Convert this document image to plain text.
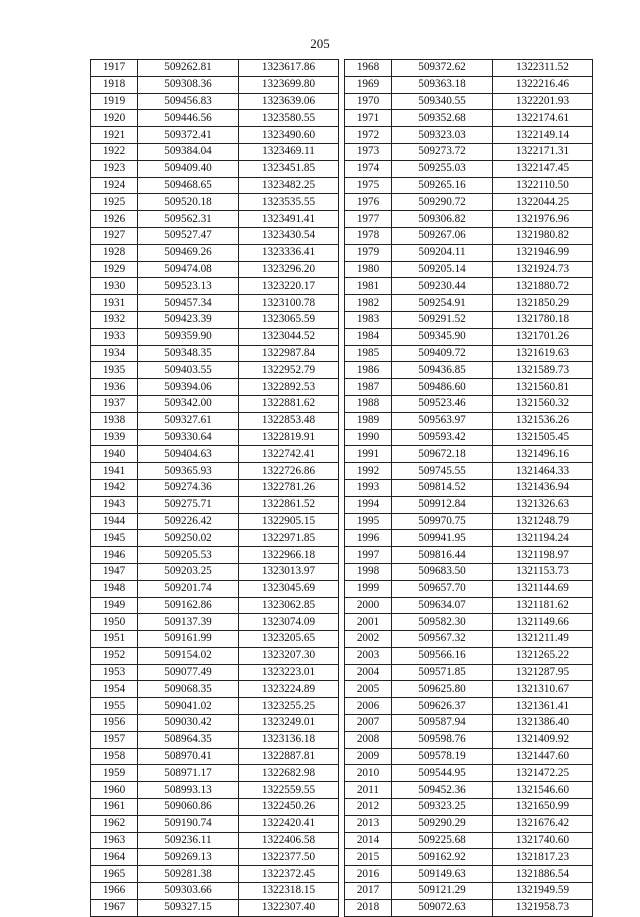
205
1917	509262.81	1323617.86
1918	509308.36	1323699.80
1919	509456.83	1323639.06
1920	509446.56	1323580.55
1921	509372.41	1323490.60
1922	509384.04	1323469.11
1923	509409.40	1323451.85
1924	509468.65	1323482.25
1925	509520.18	1323535.55
1926	509562.31	1323491.41
1927	509527.47	1323430.54
1928	509469.26	1323336.41
1929	509474.08	1323296.20
1930	509523.13	1323220.17
1931	509457.34	1323100.78
1932	509423.39	1323065.59
1933	509359.90	1323044.52
1934	509348.35	1322987.84
1935	509403.55	1322952.79
1936	509394.06	1322892.53
1937	509342.00	1322881.62
1938	509327.61	1322853.48
1939	509330.64	1322819.91
1940	509404.63	1322742.41
1941	509365.93	1322726.86
1942	509274.36	1322781.26
1943	509275.71	1322861.52
1944	509226.42	1322905.15
1945	509250.02	1322971.85
1946	509205.53	1322966.18
1947	509203.25	1323013.97
1948	509201.74	1323045.69
1949	509162.86	1323062.85
1950	509137.39	1323074.09
1951	509161.99	1323205.65
1952	509154.02	1323207.30
1953	509077.49	1323223.01
1954	509068.35	1323224.89
1955	509041.02	1323255.25
1956	509030.42	1323249.01
1957	508964.35	1323136.18
1958	508970.41	1322887.81
1959	508971.17	1322682.98
1960	508993.13	1322559.55
1961	509060.86	1322450.26
1962	509190.74	1322420.41
1963	509236.11	1322406.58
1964	509269.13	1322377.50
1965	509281.38	1322372.45
1966	509303.66	1322318.15
1967	509327.15	1322307.40
1968	509372.62	1322311.52
1969	509363.18	1322216.46
1970	509340.55	1322201.93
1971	509352.68	1322174.61
1972	509323.03	1322149.14
1973	509273.72	1322171.31
1974	509255.03	1322147.45
1975	509265.16	1322110.50
1976	509290.72	1322044.25
1977	509306.82	1321976.96
1978	509267.06	1321980.82
1979	509204.11	1321946.99
1980	509205.14	1321924.73
1981	509230.44	1321880.72
1982	509254.91	1321850.29
1983	509291.52	1321780.18
1984	509345.90	1321701.26
1985	509409.72	1321619.63
1986	509436.85	1321589.73
1987	509486.60	1321560.81
1988	509523.46	1321560.32
1989	509563.97	1321536.26
1990	509593.42	1321505.45
1991	509672.18	1321496.16
1992	509745.55	1321464.33
1993	509814.52	1321436.94
1994	509912.84	1321326.63
1995	509970.75	1321248.79
1996	509941.95	1321194.24
1997	509816.44	1321198.97
1998	509683.50	1321153.73
1999	509657.70	1321144.69
2000	509634.07	1321181.62
2001	509582.30	1321149.66
2002	509567.32	1321211.49
2003	509566.16	1321265.22
2004	509571.85	1321287.95
2005	509625.80	1321310.67
2006	509626.37	1321361.41
2007	509587.94	1321386.40
2008	509598.76	1321409.92
2009	509578.19	1321447.60
2010	509544.95	1321472.25
2011	509452.36	1321546.60
2012	509323.25	1321650.99
2013	509290.29	1321676.42
2014	509225.68	1321740.60
2015	509162.92	1321817.23
2016	509149.63	1321886.54
2017	509121.29	1321949.59
2018	509072.63	1321958.73
